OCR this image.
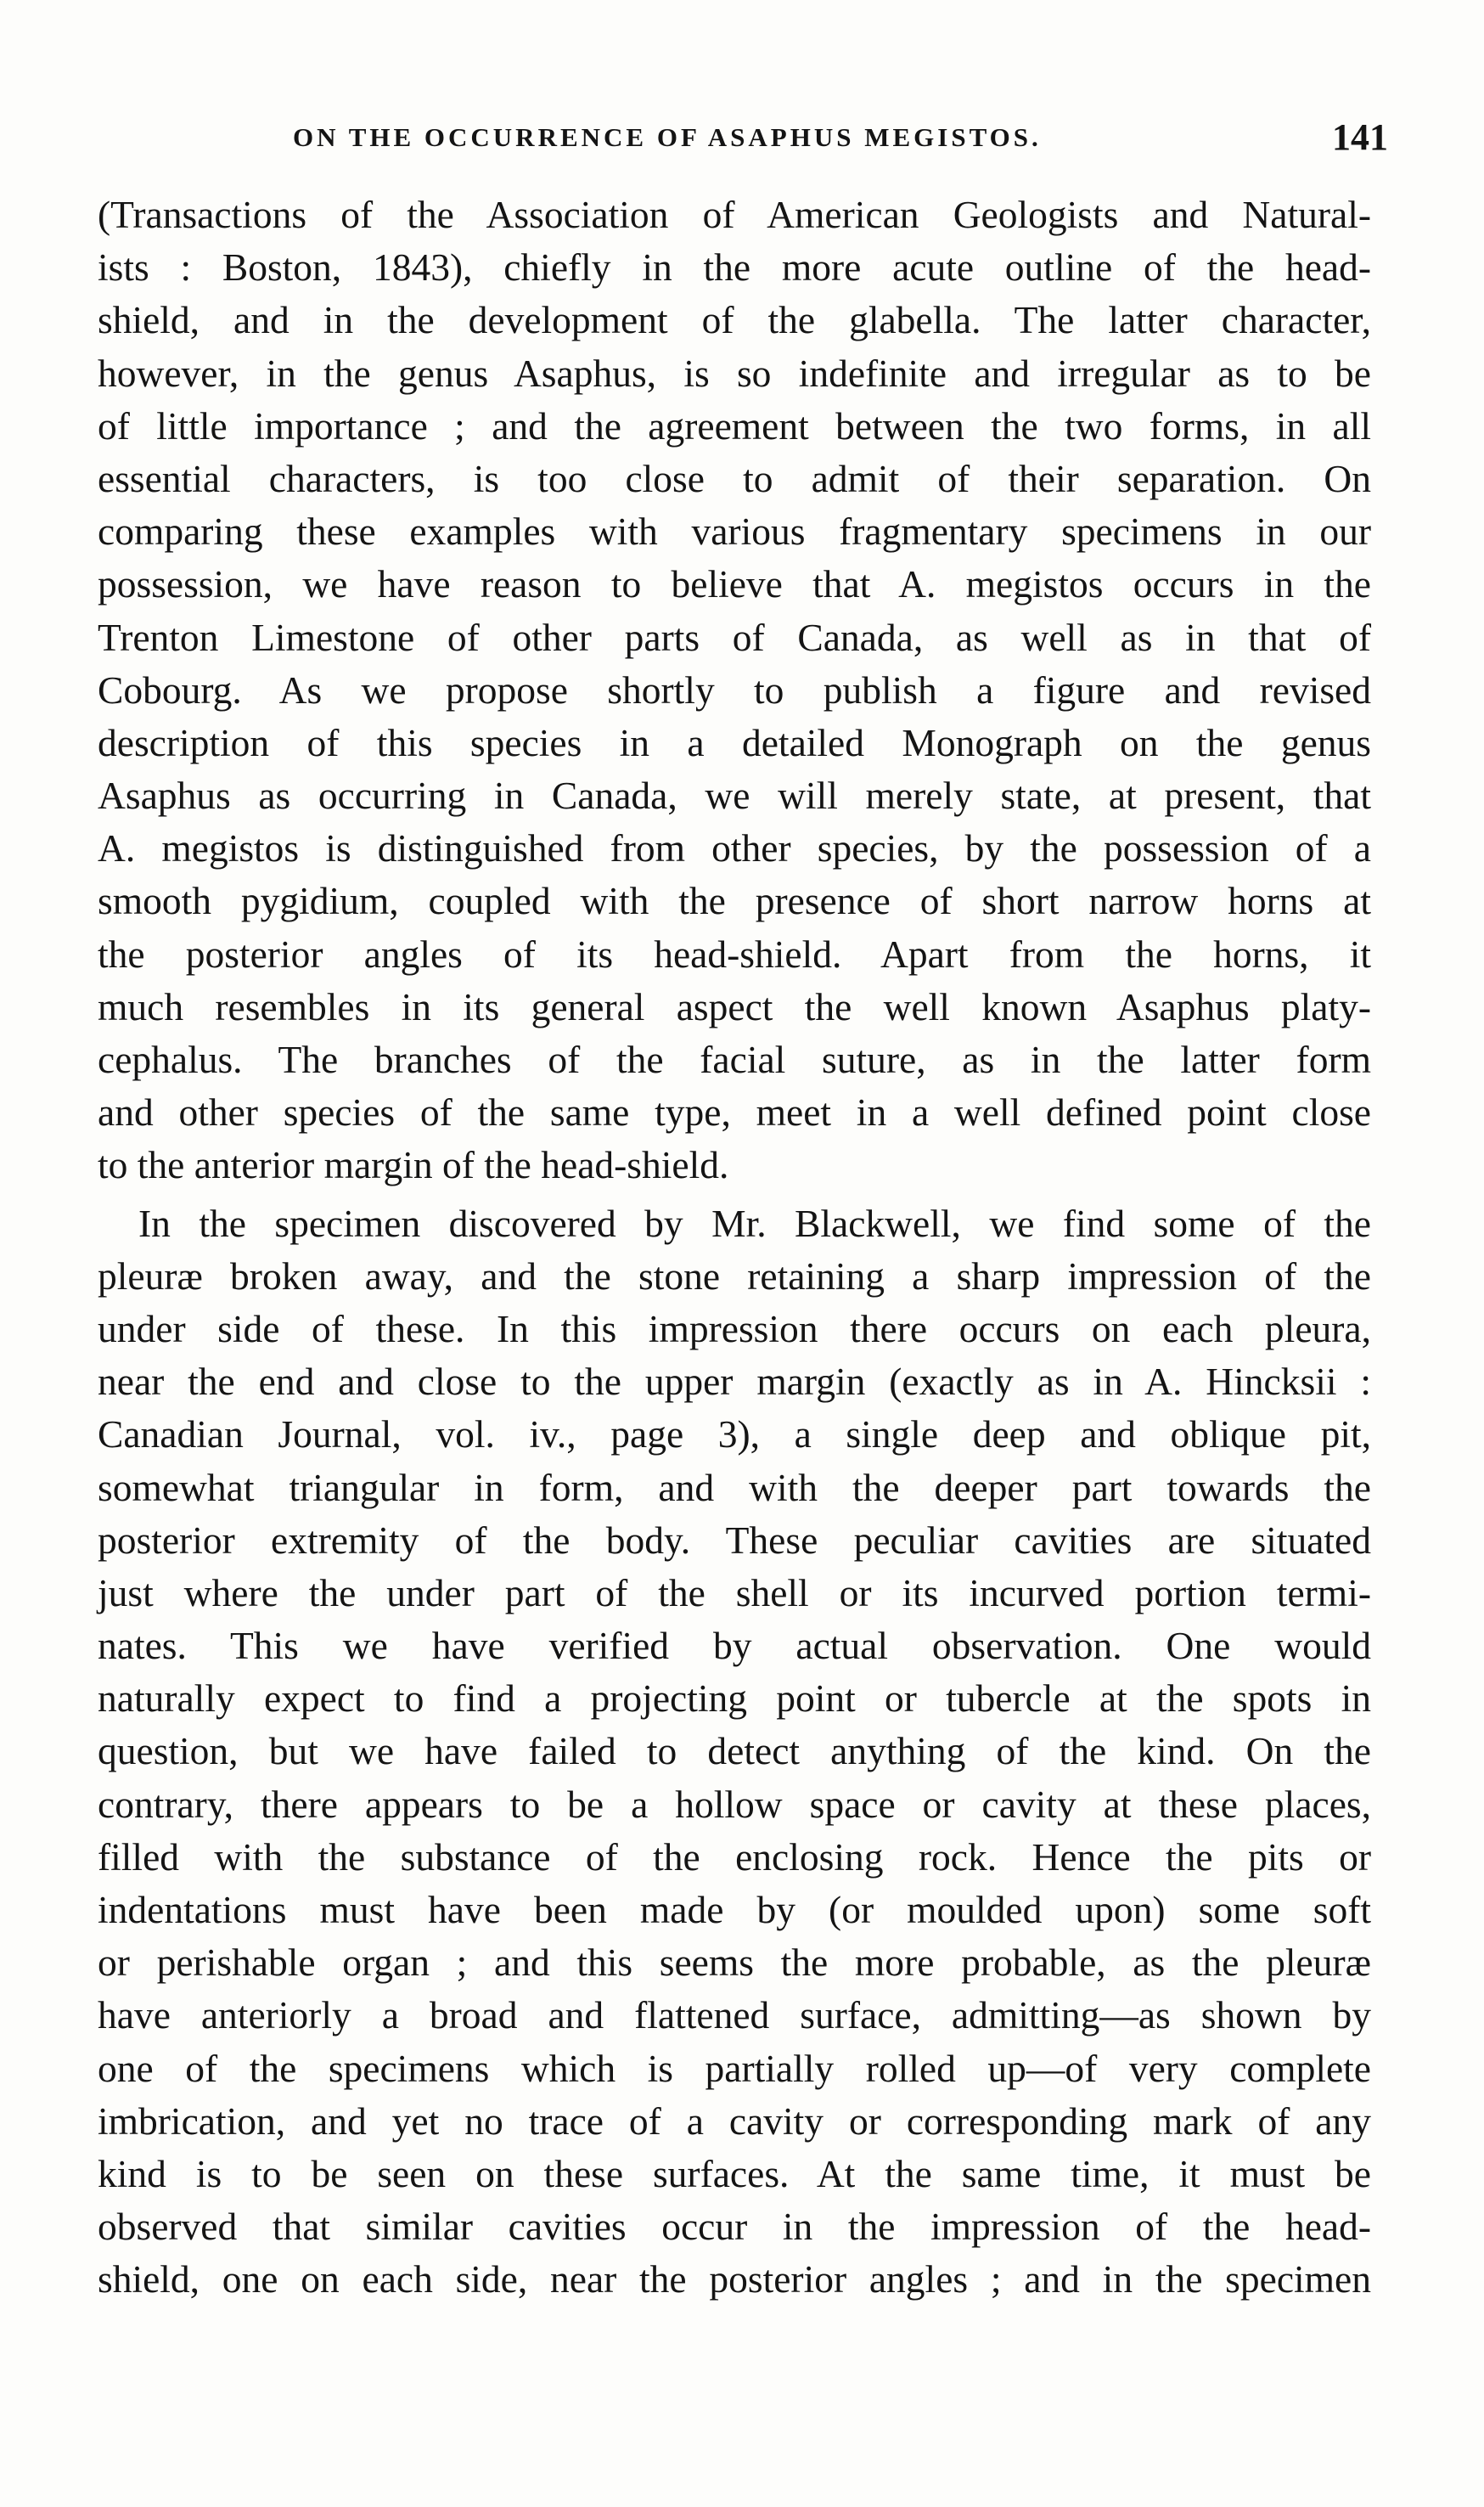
ON THE OCCURRENCE OF ASAPHUS MEGISTOS.	141
(Transactions of the Association of American Geologists and Natural-
ists : Boston, 1843), chiefly in the more acute outline of the head-
shield, and in the development of the glabella. The latter character,
however, in the genus Asaphus, is so indefinite and irregular as to be
of little importance ; and the agreement between the two forms, in all
essential characters, is too close to admit of their separation. On
comparing these examples with various fragmentary specimens in our
possession, we have reason to believe that A. megistos occurs in the
Trenton Limestone of other parts of Canada, as well as in that of
Cobourg. As we propose shortly to publish a figure and revised
description of this species in a detailed Monograph on the genus
Asaphus as occurring in Canada, we will merely state, at present, that
A. megistos is distinguished from other species, by the possession of a
smooth pygidium, coupled with the presence of short narrow horns at
the posterior angles of its head-shield. Apart from the horns, it
much resembles in its general aspect the well known Asaphus platy-
cephalus. The branches of the facial suture, as in the latter form
and other species of the same type, meet in a well defined point close
to the anterior margin of the head-shield.
In the specimen discovered by Mr. Blackwell, we find some of the
pleuræ broken away, and the stone retaining a sharp impression of the
under side of these. In this impression there occurs on each pleura,
near the end and close to the upper margin (exactly as in A. Hincksii :
Canadian Journal, vol. iv., page 3), a single deep and oblique pit,
somewhat triangular in form, and with the deeper part towards the
posterior extremity of the body. These peculiar cavities are situated
just where the under part of the shell or its incurved portion termi-
nates. This we have verified by actual observation. One would
naturally expect to find a projecting point or tubercle at the spots in
question, but we have failed to detect anything of the kind. On the
contrary, there appears to be a hollow space or cavity at these places,
filled with the substance of the enclosing rock. Hence the pits or
indentations must have been made by (or moulded upon) some soft
or perishable organ ; and this seems the more probable, as the pleuræ
have anteriorly a broad and flattened surface, admitting—as shown by
one of the specimens which is partially rolled up—of very complete
imbrication, and yet no trace of a cavity or corresponding mark of any
kind is to be seen on these surfaces. At the same time, it must be
observed that similar cavities occur in the impression of the head-
shield, one on each side, near the posterior angles ; and in the specimen
